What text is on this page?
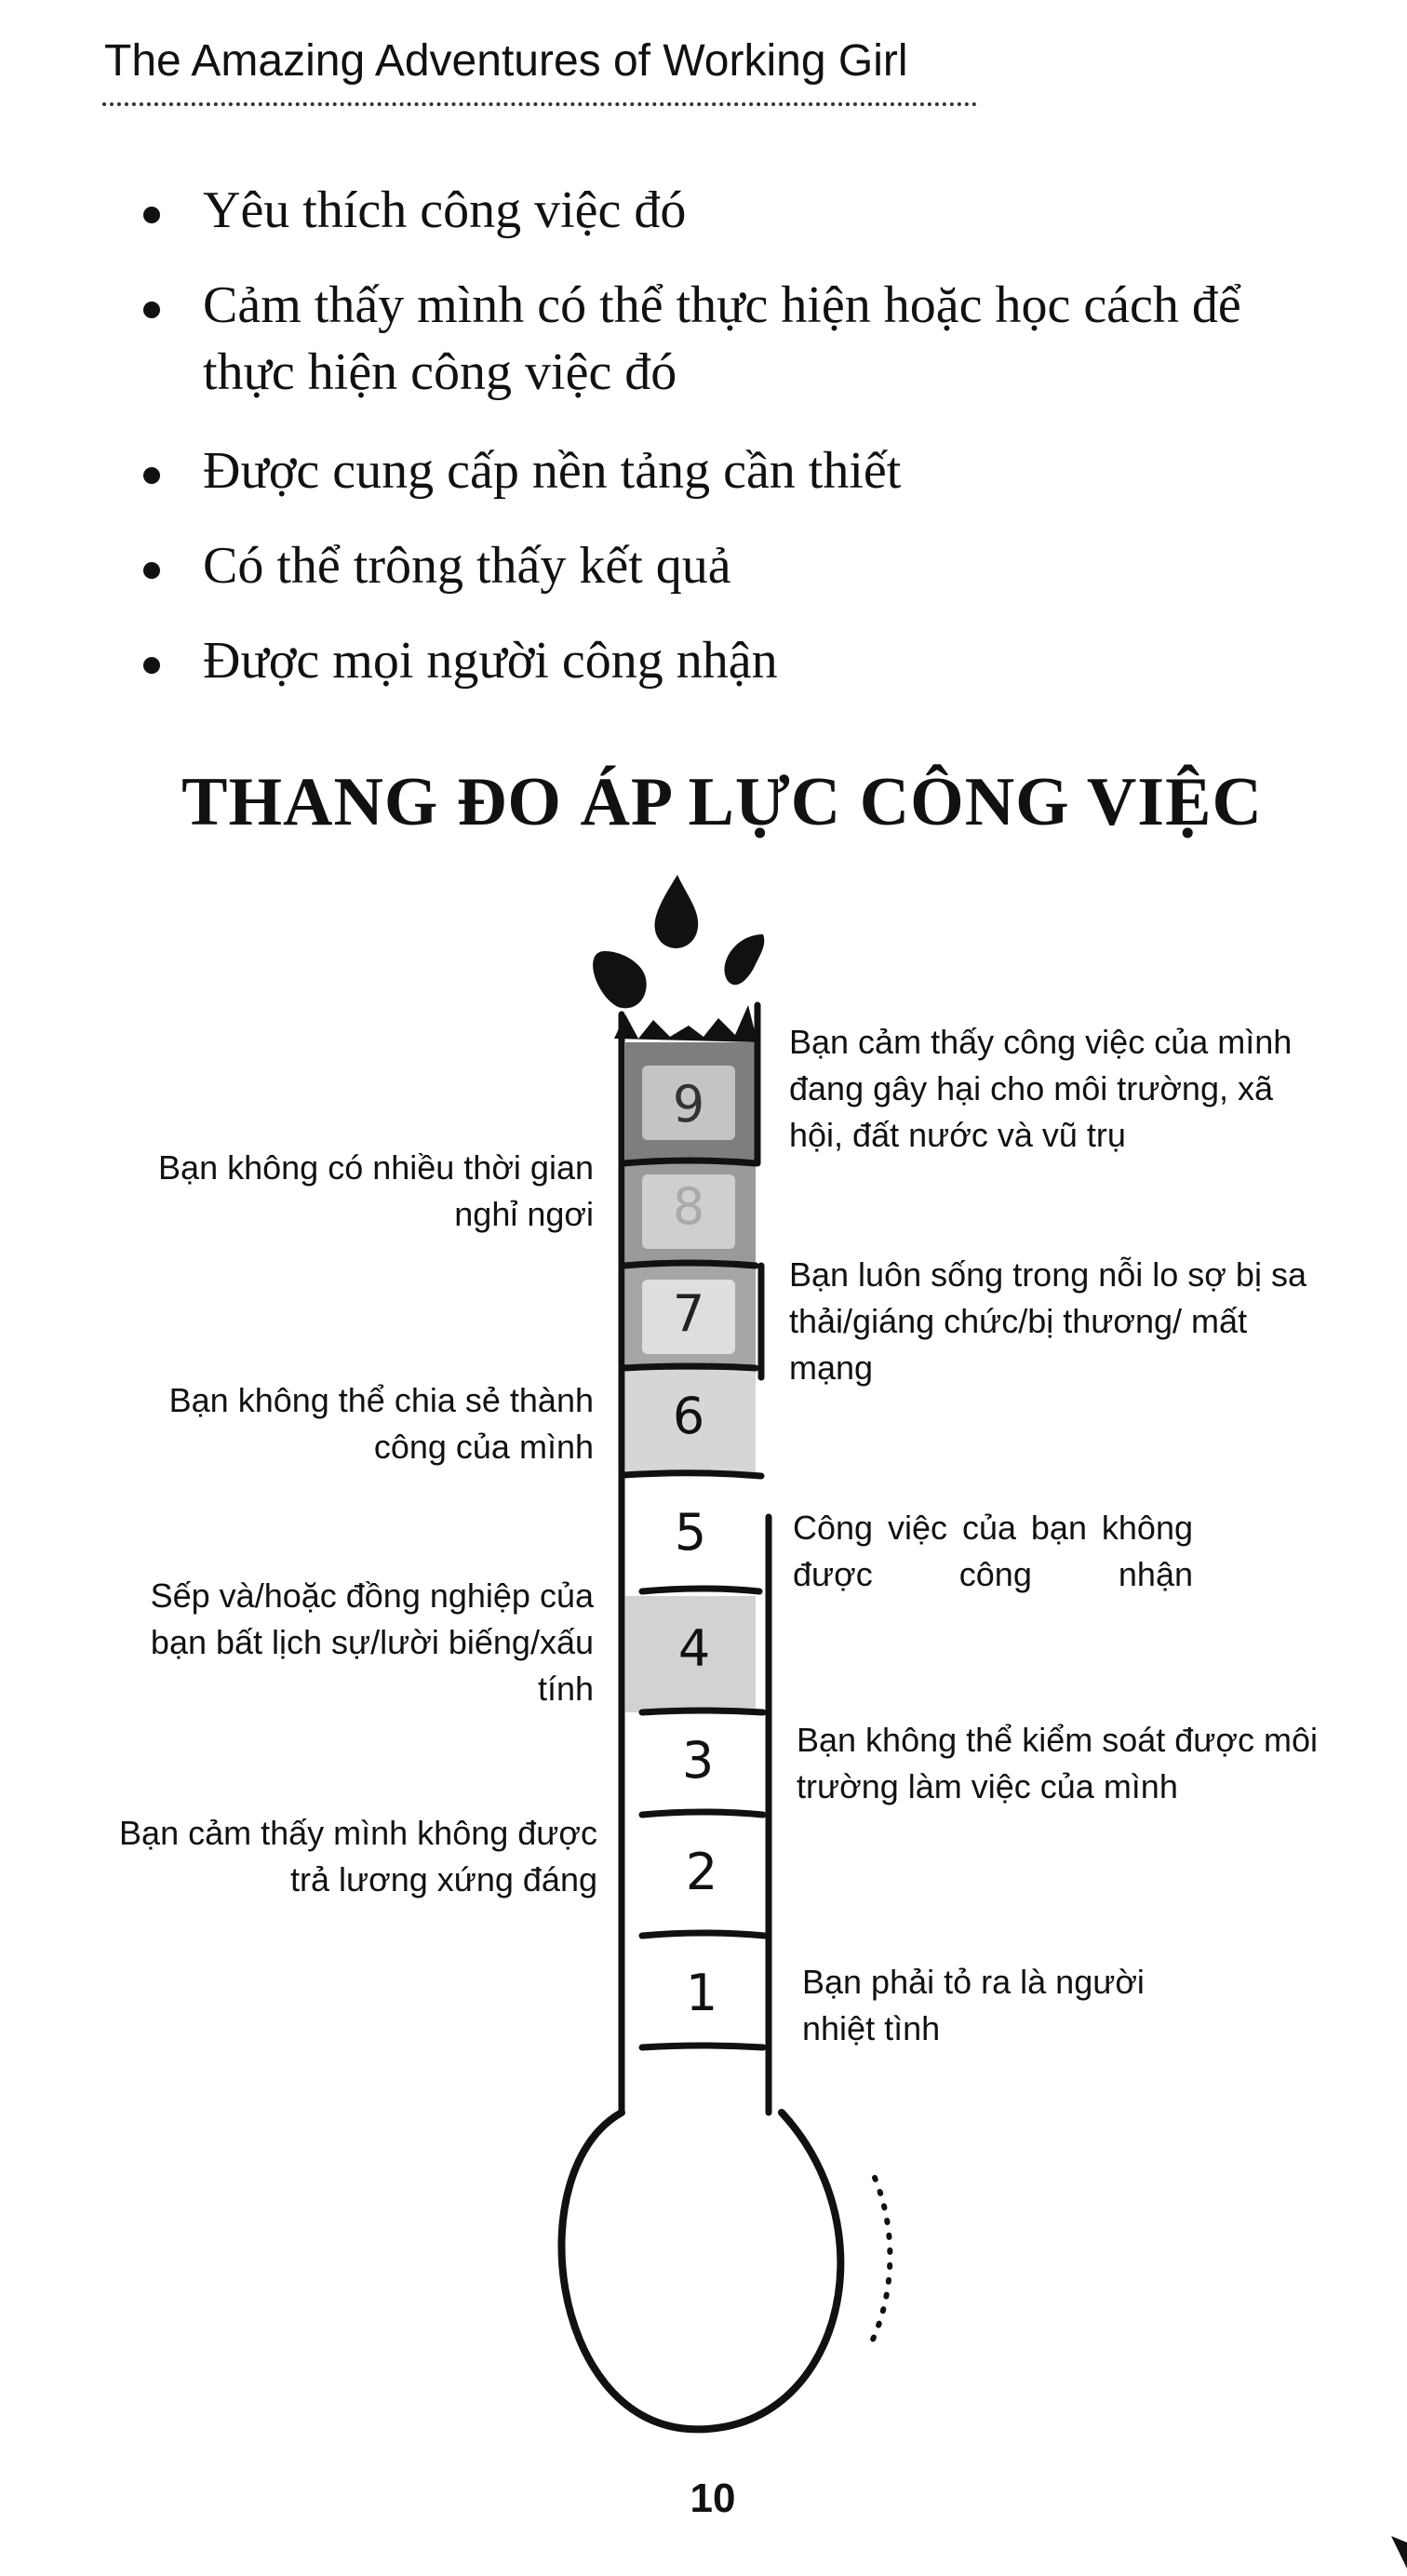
The Amazing Adventures of Working Girl
Yêu thích công việc đó
Cảm thấy mình có thể thực hiện hoặc học cách để thực hiện công việc đó
Được cung cấp nền tảng cần thiết
Có thể trông thấy kết quả
Được mọi người công nhận
THANG ĐO ÁP LỰC CÔNG VIỆC
9
8
7
6
5
4
3
2
1
Bạn cảm thấy công việc của mình đang gây hại cho môi trường, xã hội, đất nước và vũ trụ
Bạn luôn sống trong nỗi lo sợ bị sa thải/giáng chức/bị thương/ mất mạng
Công việc của bạn không được công nhận
Bạn không thể kiểm soát được môi trường làm việc của mình
Bạn phải tỏ ra là người nhiệt tình
Bạn không có nhiều thời gian nghỉ ngơi
Bạn không thể chia sẻ thành công của mình
Sếp và/hoặc đồng nghiệp của bạn bất lịch sự/lười biếng/xấu tính
Bạn cảm thấy mình không được trả lương xứng đáng
10
